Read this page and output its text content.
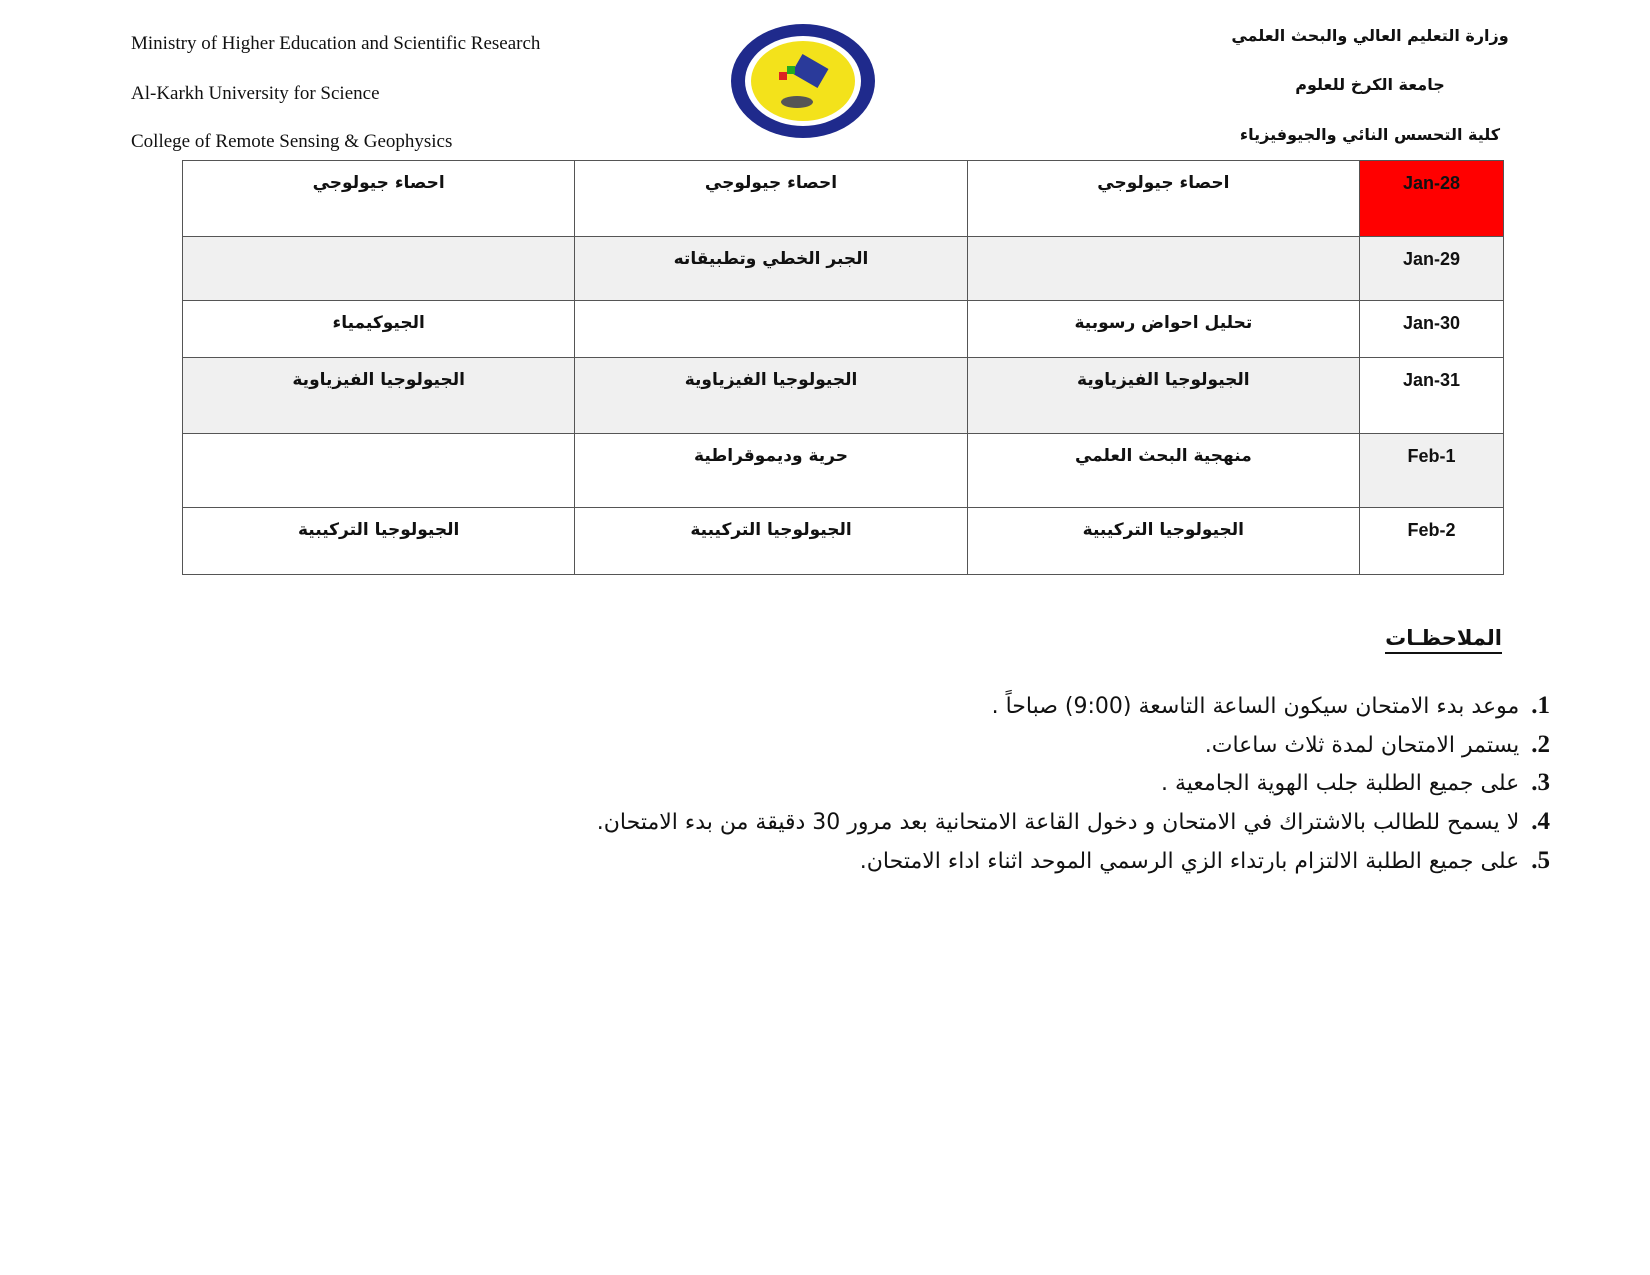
Ministry of Higher Education and Scientific Research
Al-Karkh University for Science
College of Remote Sensing & Geophysics
وزارة التعليم العالي والبحث العلمي
جامعة الكرخ للعلوم
كلية التحسس النائي والجيوفيزياء
28-Jan	احصاء جيولوجي	احصاء جيولوجي	احصاء جيولوجي
29-Jan		الجبر الخطي وتطبيقاته	
30-Jan	تحليل احواض رسوبية		الجيوكيمياء
31-Jan	الجيولوجيا الفيزياوية	الجيولوجيا الفيزياوية	الجيولوجيا الفيزياوية
1-Feb	منهجية البحث العلمي	حرية وديموقراطية	
2-Feb	الجيولوجيا التركيبية	الجيولوجيا التركيبية	الجيولوجيا التركيبية
الملاحظـات
1.موعد بدء الامتحان سيكون الساعة التاسعة (9:00) صباحاً .
2.يستمر الامتحان لمدة ثلاث ساعات.
3.على جميع الطلبة جلب الهوية الجامعية .
4.لا يسمح للطالب بالاشتراك في الامتحان و دخول القاعة الامتحانية بعد مرور 30 دقيقة من بدء الامتحان.
5.على جميع الطلبة الالتزام بارتداء الزي الرسمي الموحد اثناء اداء الامتحان.
